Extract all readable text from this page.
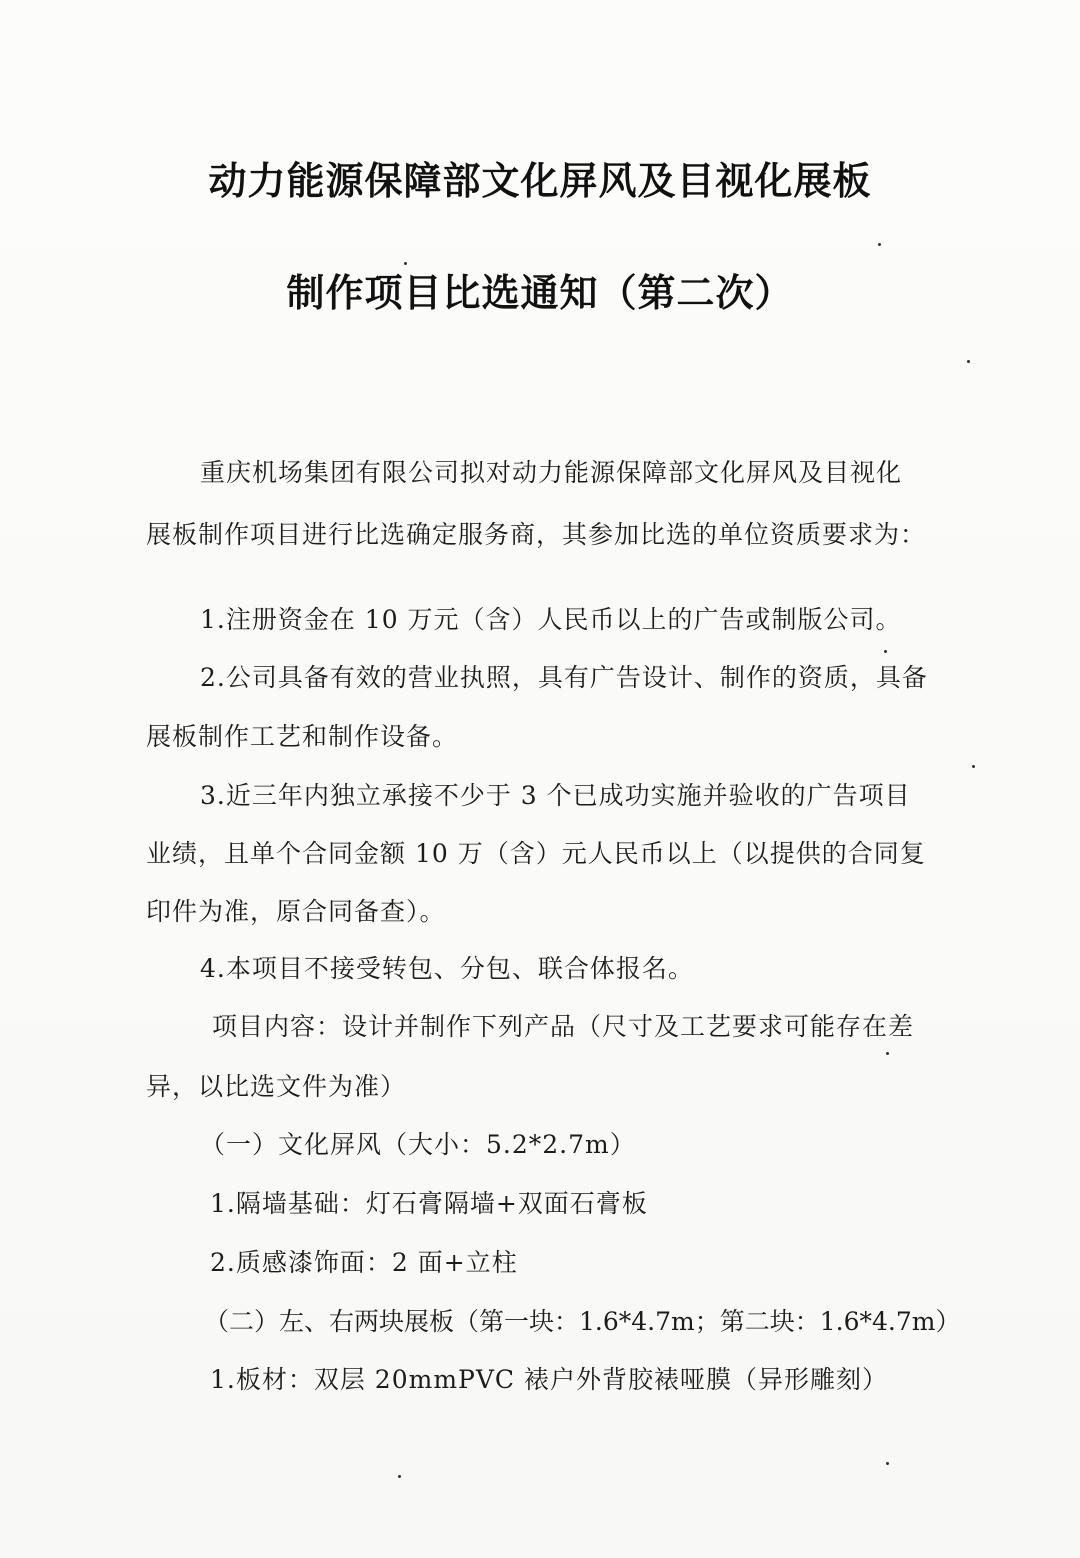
动力能源保障部文化屏风及目视化展板
制作项目比选通知（第二次）
重庆机场集团有限公司拟对动力能源保障部文化屏风及目视化
展板制作项目进行比选确定服务商，其参加比选的单位资质要求为：
1.注册资金在 10 万元（含）人民币以上的广告或制版公司。
2.公司具备有效的营业执照，具有广告设计、制作的资质，具备
展板制作工艺和制作设备。
3.近三年内独立承接不少于 3 个已成功实施并验收的广告项目
业绩，且单个合同金额 10 万（含）元人民币以上（以提供的合同复
印件为准，原合同备查）。
4.本项目不接受转包、分包、联合体报名。
项目内容：设计并制作下列产品（尺寸及工艺要求可能存在差
异，以比选文件为准）
（一）文化屏风（大小：5.2*2.7m）
1.隔墙基础：灯石膏隔墙+双面石膏板
2.质感漆饰面：2 面+立柱
（二）左、右两块展板（第一块：1.6*4.7m；第二块：1.6*4.7m）
1.板材：双层 20mmPVC 裱户外背胶裱哑膜（异形雕刻）
